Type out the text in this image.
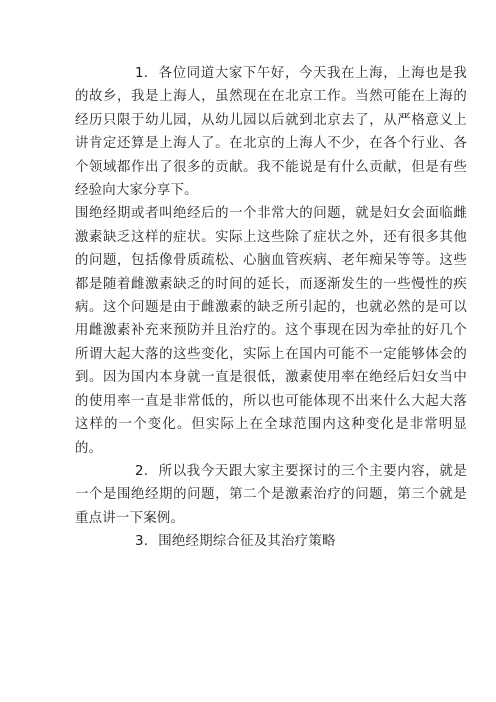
1. 各位同道大家下午好，今天我在上海，上海也是我的故乡，我是上海人，虽然现在在北京工作。当然可能在上海的经历只限于幼儿园，从幼儿园以后就到北京去了，从严格意义上讲肯定还算是上海人了。在北京的上海人不少，在各个行业、各个领域都作出了很多的贡献。我不能说是有什么贡献，但是有些经验向大家分享下。

围绝经期或者叫绝经后的一个非常大的问题，就是妇女会面临雌激素缺乏这样的症状。实际上这些除了症状之外，还有很多其他的问题，包括像骨质疏松、心脑血管疾病、老年痴呆等等。这些都是随着雌激素缺乏的时间的延长，而逐渐发生的一些慢性的疾病。这个问题是由于雌激素的缺乏所引起的，也就必然的是可以用雌激素补充来预防并且治疗的。这个事现在因为牵扯的好几个所谓大起大落的这些变化，实际上在国内可能不一定能够体会的到。因为国内本身就一直是很低，激素使用率在绝经后妇女当中的使用率一直是非常低的，所以也可能体现不出来什么大起大落这样的一个变化。但实际上在全球范围内这种变化是非常明显的。

2. 所以我今天跟大家主要探讨的三个主要内容，就是一个是围绝经期的问题，第二个是激素治疗的问题，第三个就是重点讲一下案例。

3. 围绝经期综合征及其治疗策略
